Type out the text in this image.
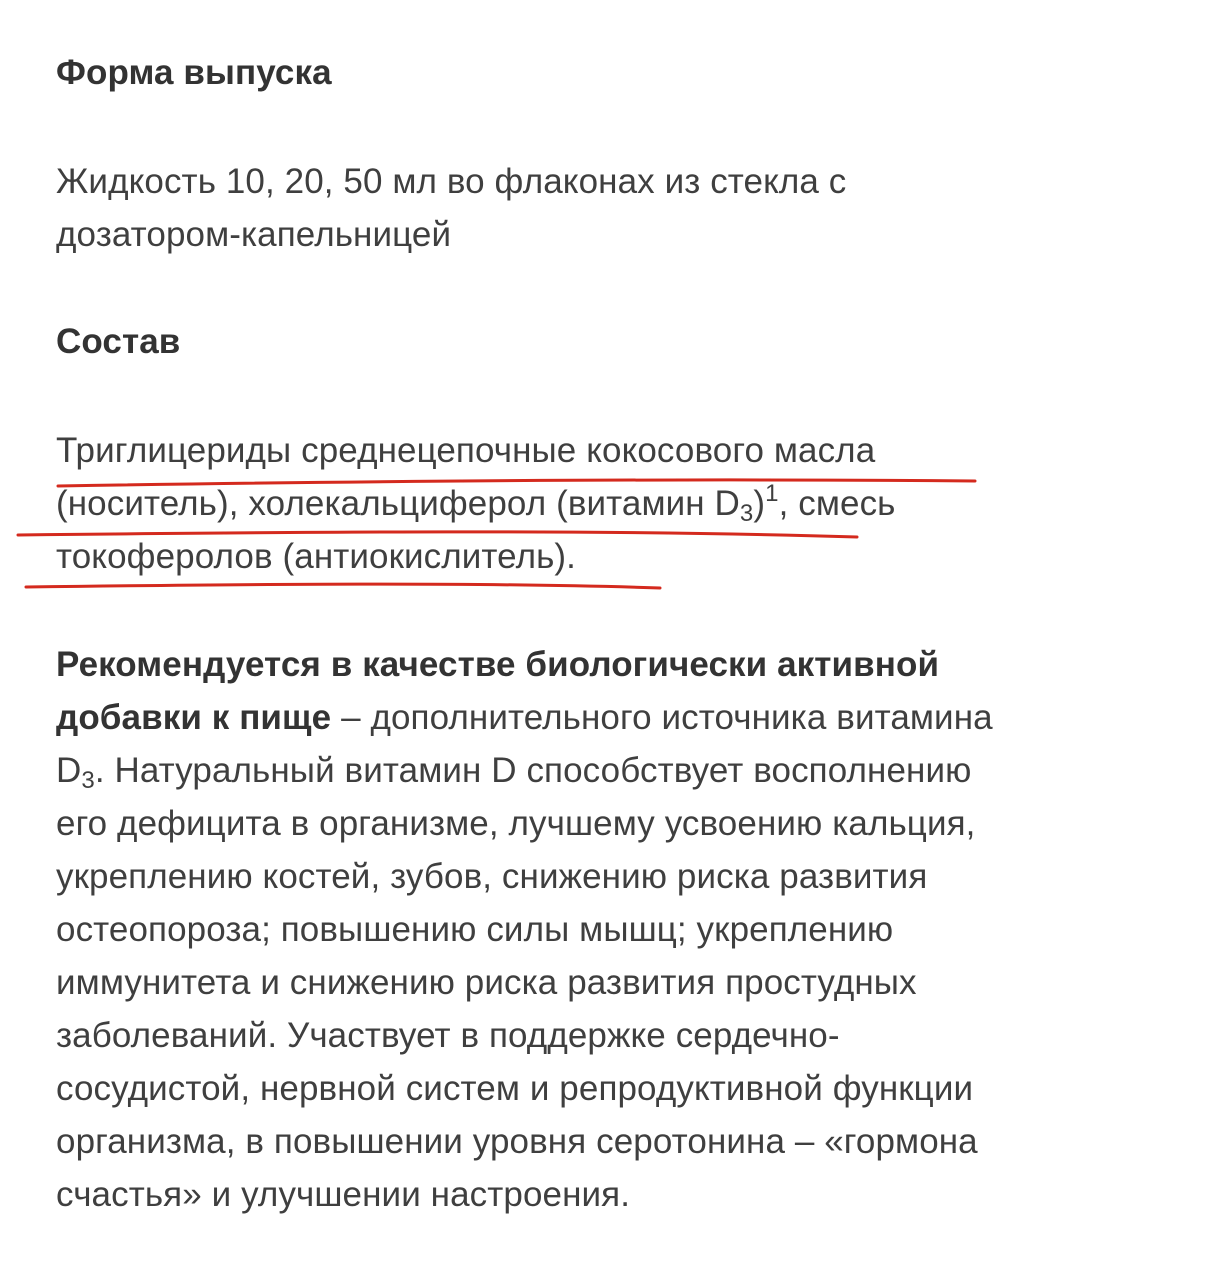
Форма выпуска
Жидкость 10, 20, 50 мл во флаконах из стекла с
дозатором-капельницей
Состав
Триглицериды среднецепочные кокосового масла
(носитель), холекальциферол (витамин $D_3)^1$, смесь
токоферолов (антиокислитель).
Рекомендуется в качестве биологически активной
добавки к пище – дополнительного источника витамина
$D_3$. Натуральный витамин D способствует восполнению
его дефицита в организме, лучшему усвоению кальция,
укреплению костей, зубов, снижению риска развития
остеопороза; повышению силы мышц; укреплению
иммунитета и снижению риска развития простудных
заболеваний. Участвует в поддержке сердечно-
сосудистой, нервной систем и репродуктивной функции
организма, в повышении уровня серотонина – «гормона
счастья» и улучшении настроения.
